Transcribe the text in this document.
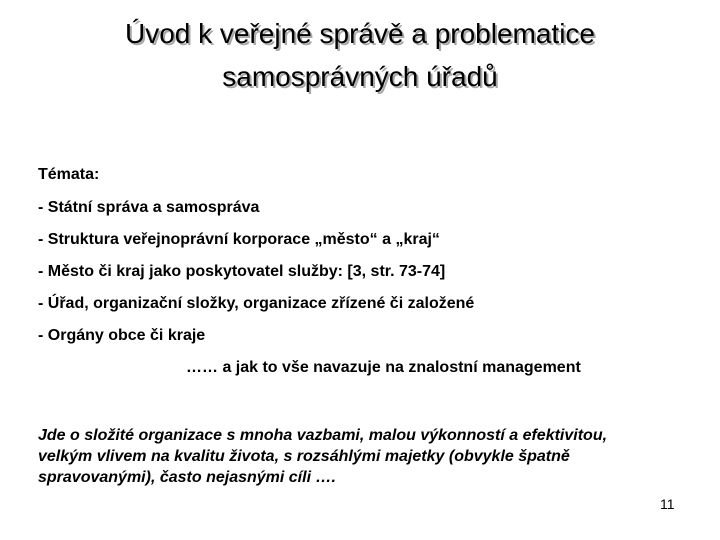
Úvod k veřejné správě a problematice
samosprávných úřadů

Témata:

- Státní správa a samospráva
- Struktura veřejnoprávní korporace „město“ a „kraj“
- Město či kraj jako poskytovatel služby: [3, str. 73-74]
- Úřad, organizační složky, organizace zřízené či založené
- Orgány obce či kraje
…… a jak to vše navazuje na znalostní management
Jde o složité organizace s mnoha vazbami, malou výkonností a efektivitou,
velkým vlivem na kvalitu života, s rozsáhlými majetky (obvykle špatně
spravovanými), často nejasnými cíli ….
11
